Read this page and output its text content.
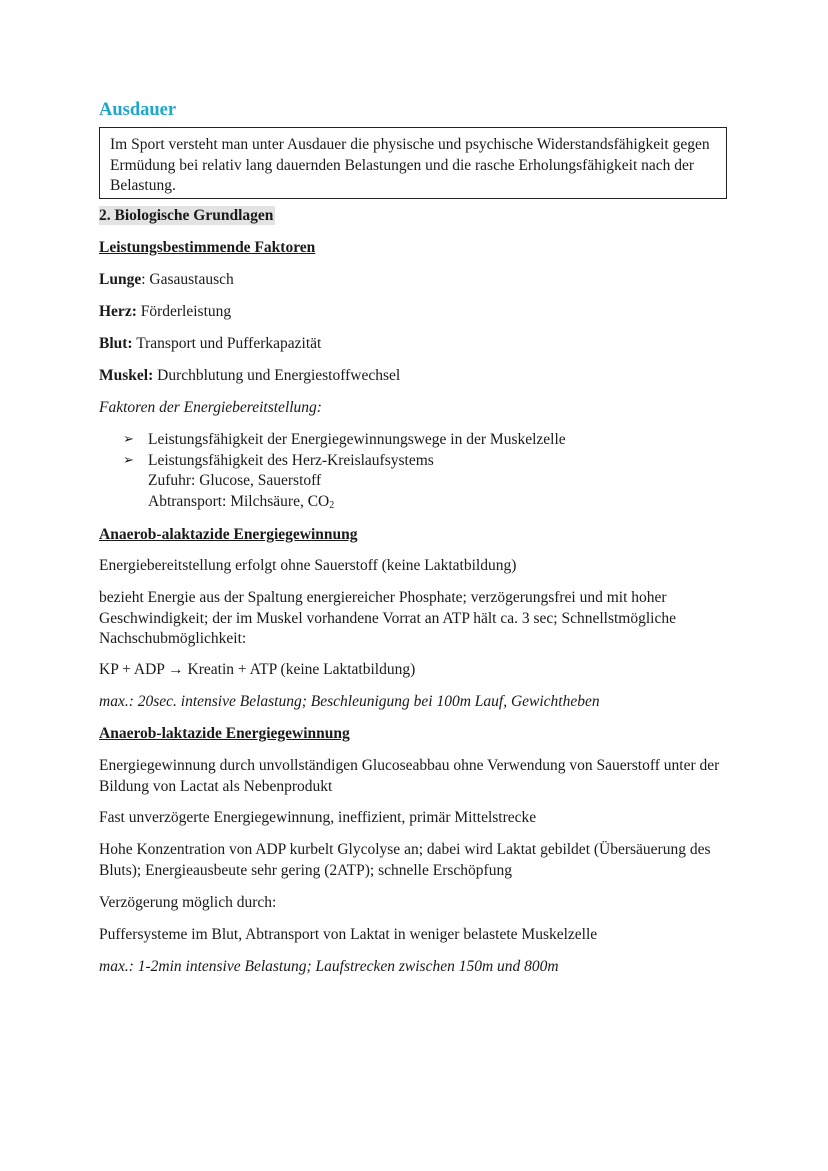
Ausdauer
Im Sport versteht man unter Ausdauer die physische und psychische Widerstandsfähigkeit gegen Ermüdung bei relativ lang dauernden Belastungen und die rasche Erholungsfähigkeit nach der Belastung.
2. Biologische Grundlagen
Leistungsbestimmende Faktoren
Lunge: Gasaustausch
Herz: Förderleistung
Blut: Transport und Pufferkapazität
Muskel: Durchblutung und Energiestoffwechsel
Faktoren der Energiebereitstellung:
➢ Leistungsfähigkeit der Energiegewinnungswege in der Muskelzelle
➢ Leistungsfähigkeit des Herz-Kreislaufsystems
Zufuhr: Glucose, Sauerstoff
Abtransport: Milchsäure, $CO_2$
Anaerob-alaktazide Energiegewinnung
Energiebereitstellung erfolgt ohne Sauerstoff (keine Laktatbildung)
bezieht Energie aus der Spaltung energiereicher Phosphate; verzögerungsfrei und mit hoher Geschwindigkeit; der im Muskel vorhandene Vorrat an ATP hält ca. 3 sec; Schnellstmögliche Nachschubmöglichkeit:
KP + ADP → Kreatin + ATP (keine Laktatbildung)
max.: 20sec. intensive Belastung; Beschleunigung bei 100m Lauf, Gewichtheben
Anaerob-laktazide Energiegewinnung
Energiegewinnung durch unvollständigen Glucoseabbau ohne Verwendung von Sauerstoff unter der Bildung von Lactat als Nebenprodukt
Fast unverzögerte Energiegewinnung, ineffizient, primär Mittelstrecke
Hohe Konzentration von ADP kurbelt Glycolyse an; dabei wird Laktat gebildet (Übersäuerung des Bluts); Energieausbeute sehr gering (2ATP); schnelle Erschöpfung
Verzögerung möglich durch:
Puffersysteme im Blut, Abtransport von Laktat in weniger belastete Muskelzelle
max.: 1-2min intensive Belastung; Laufstrecken zwischen 150m und 800m
